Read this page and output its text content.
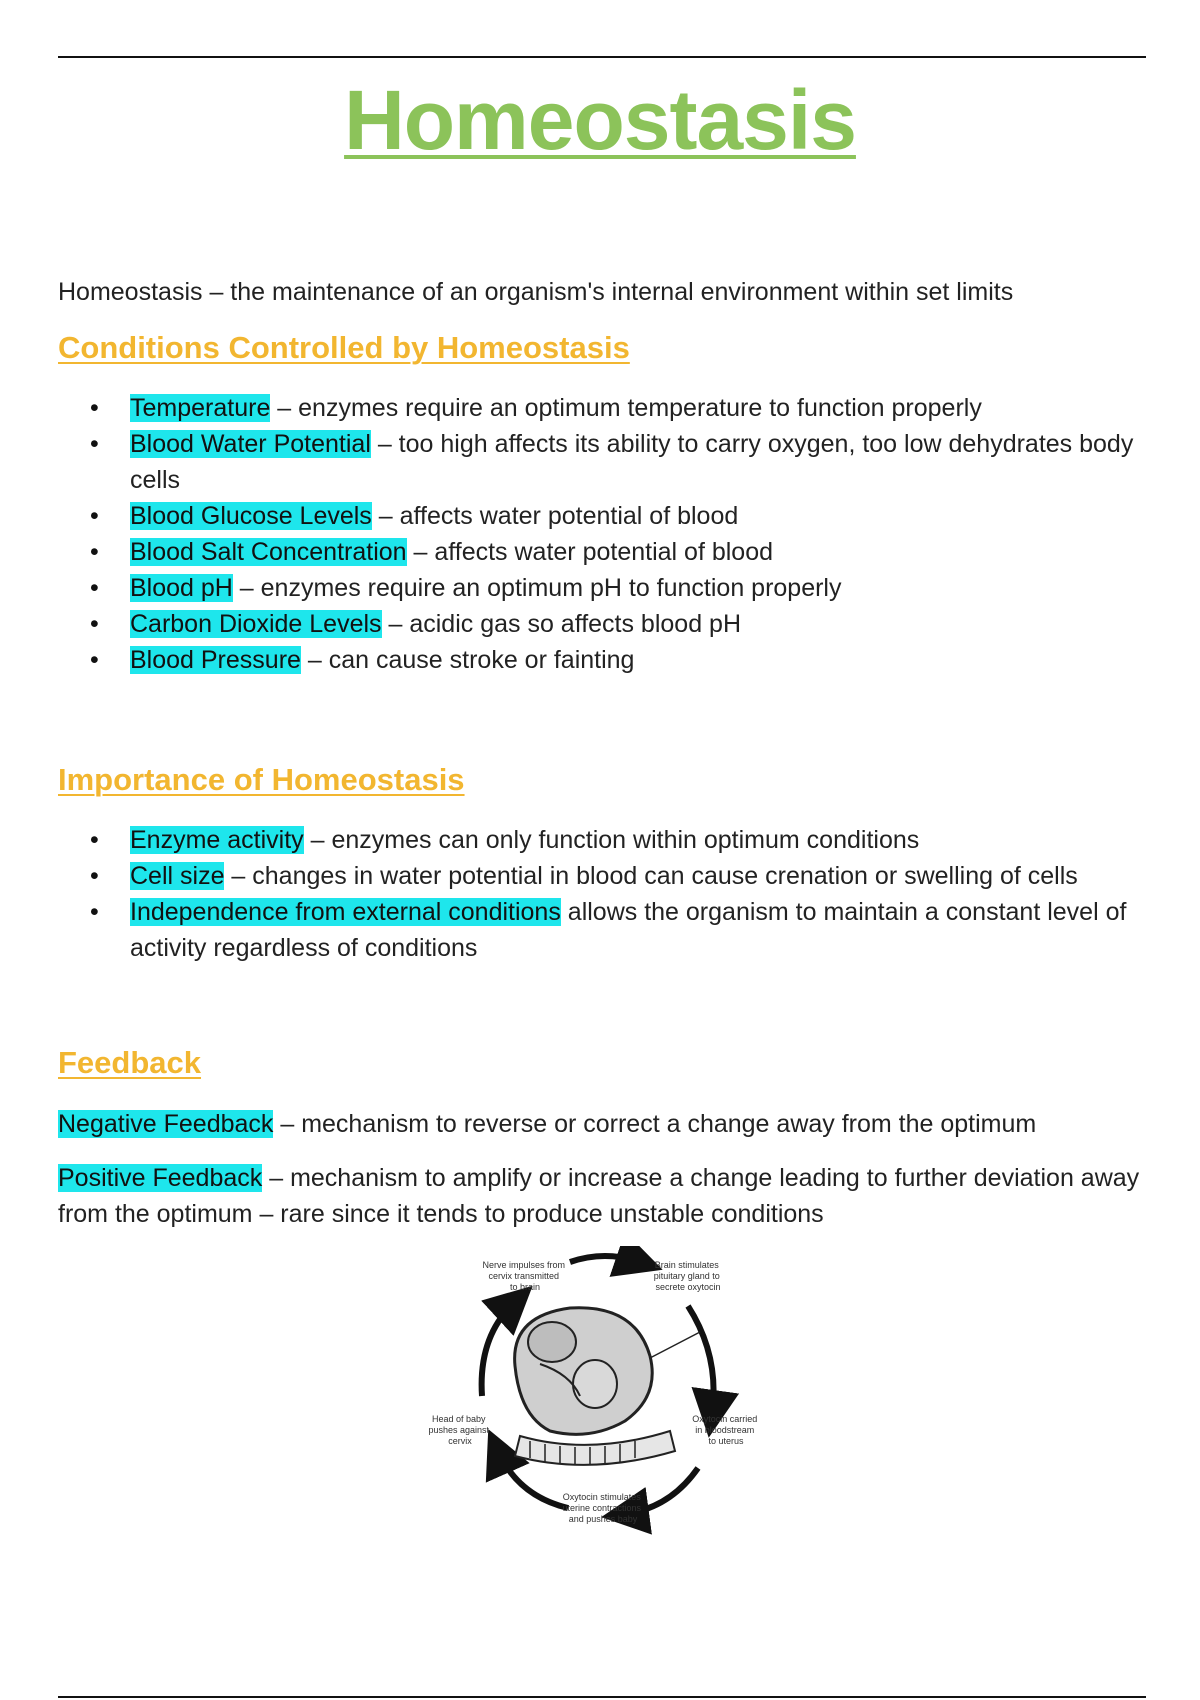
Homeostasis
Homeostasis – the maintenance of an organism's internal environment within set limits
Conditions Controlled by Homeostasis
• Temperature – enzymes require an optimum temperature to function properly
• Blood Water Potential – too high affects its ability to carry oxygen, too low dehydrates body cells
• Blood Glucose Levels – affects water potential of blood
• Blood Salt Concentration – affects water potential of blood
• Blood pH – enzymes require an optimum pH to function properly
• Carbon Dioxide Levels – acidic gas so affects blood pH
• Blood Pressure – can cause stroke or fainting
Importance of Homeostasis
• Enzyme activity – enzymes can only function within optimum conditions
• Cell size – changes in water potential in blood can cause crenation or swelling of cells
• Independence from external conditions allows the organism to maintain a constant level of activity regardless of conditions
Feedback
Negative Feedback – mechanism to reverse or correct a change away from the optimum
Positive Feedback – mechanism to amplify or increase a change leading to further deviation away from the optimum – rare since it tends to produce unstable conditions
Nerve impulses from cervix transmitted to brain
Brain stimulates pituitary gland to secrete oxytocin
Oxytocin carried in bloodstream to uterus
Oxytocin stimulates uterine contractions and pushes baby
Head of baby pushes against cervix
